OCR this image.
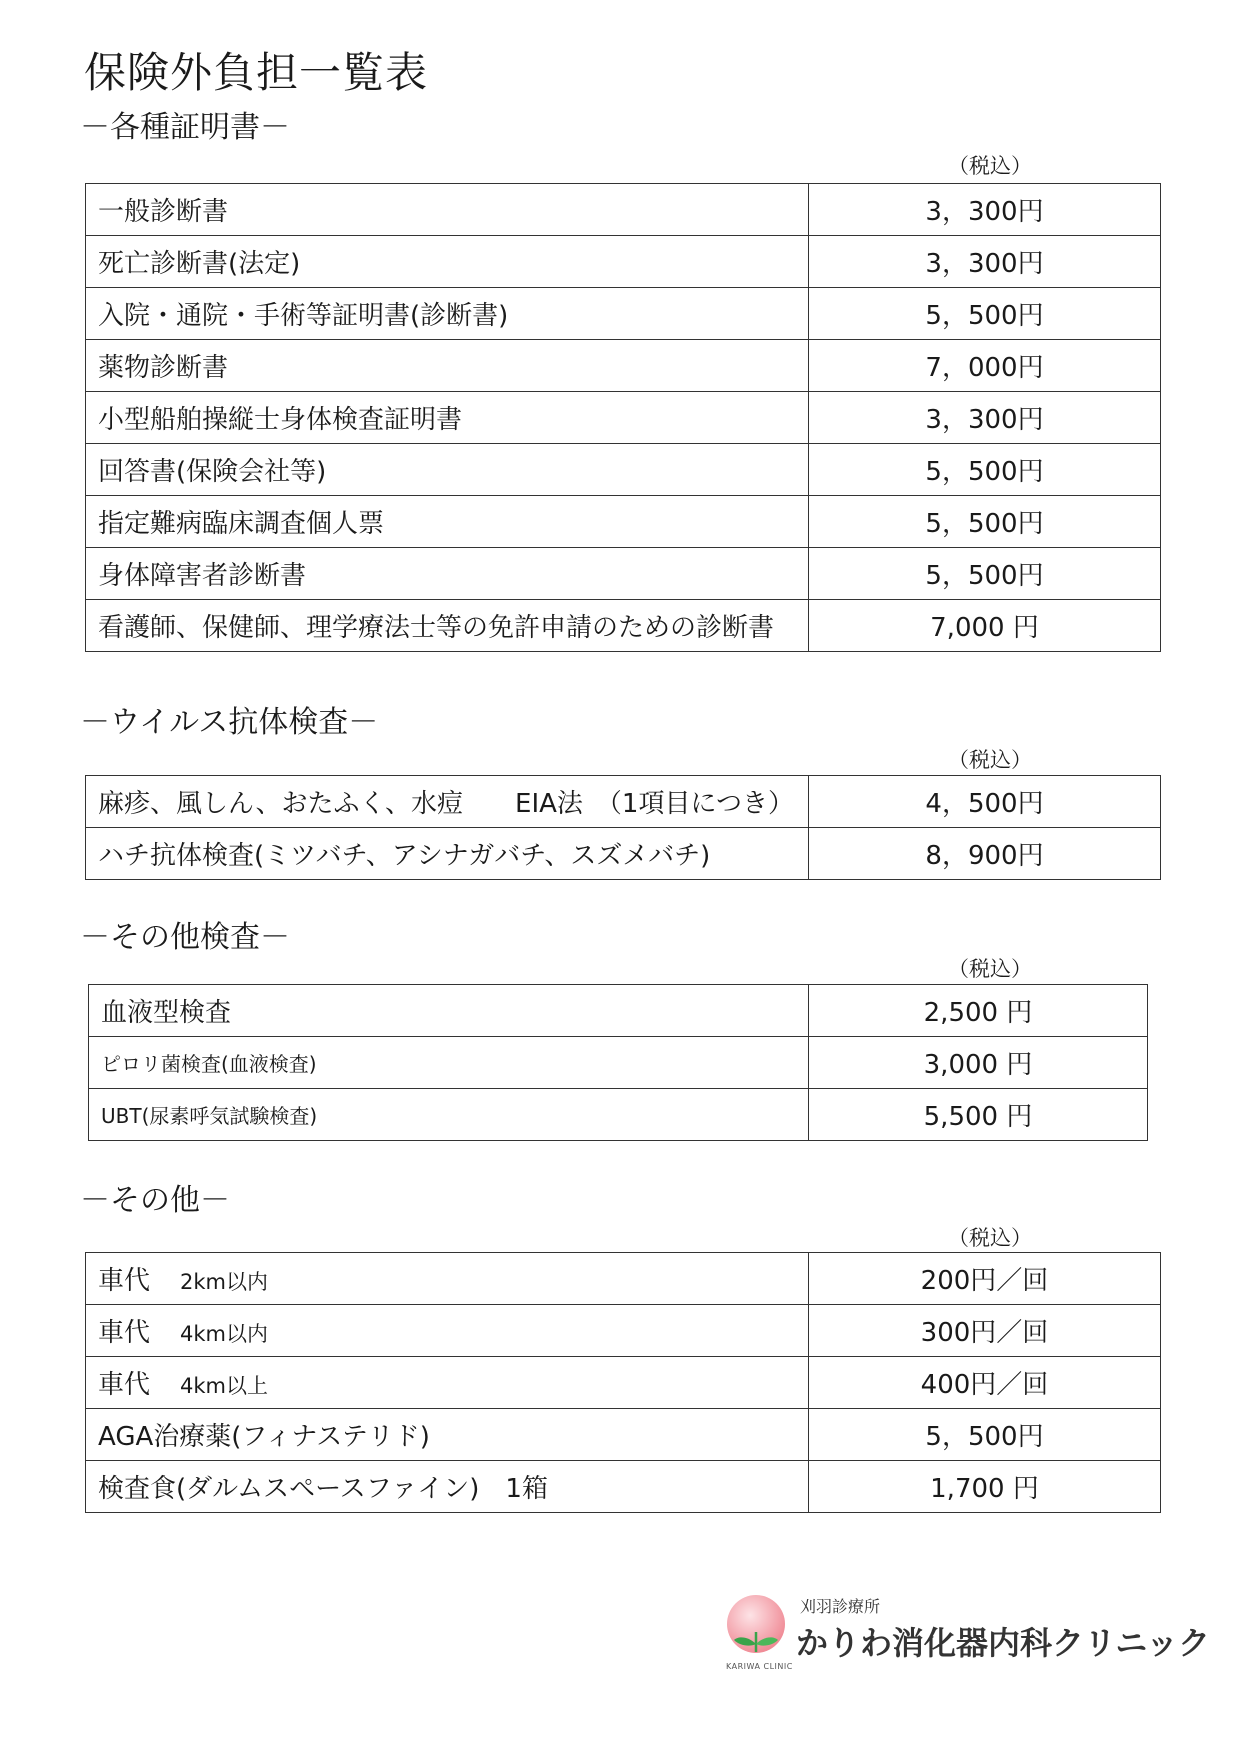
保険外負担一覧表
－各種証明書－
（税込）
一般診断書	3，300円
死亡診断書(法定)	3，300円
入院・通院・手術等証明書(診断書)	5，500円
薬物診断書	7，000円
小型船舶操縦士身体検査証明書	3，300円
回答書(保険会社等)	5，500円
指定難病臨床調査個人票	5，500円
身体障害者診断書	5，500円
看護師、保健師、理学療法士等の免許申請のための診断書	7,000 円
－ウイルス抗体検査－
（税込）
麻疹、風しん、おたふく、水痘　　EIA法　（1項目につき）	4，500円
ハチ抗体検査(ミツバチ、アシナガバチ、スズメバチ)	8，900円
－その他検査－
（税込）
血液型検査	2,500 円
ピロリ菌検査(血液検査)	3,000 円
UBT(尿素呼気試験検査)	5,500 円
－その他－
（税込）
車代 2km以内	200円／回
車代 4km以内	300円／回
車代 4km以上	400円／回
AGA治療薬(フィナステリド)	5，500円
検査食(ダルムスペースファイン)　1箱	1,700 円
KARIWA CLINIC
刈羽診療所
かりわ消化器内科クリニック
